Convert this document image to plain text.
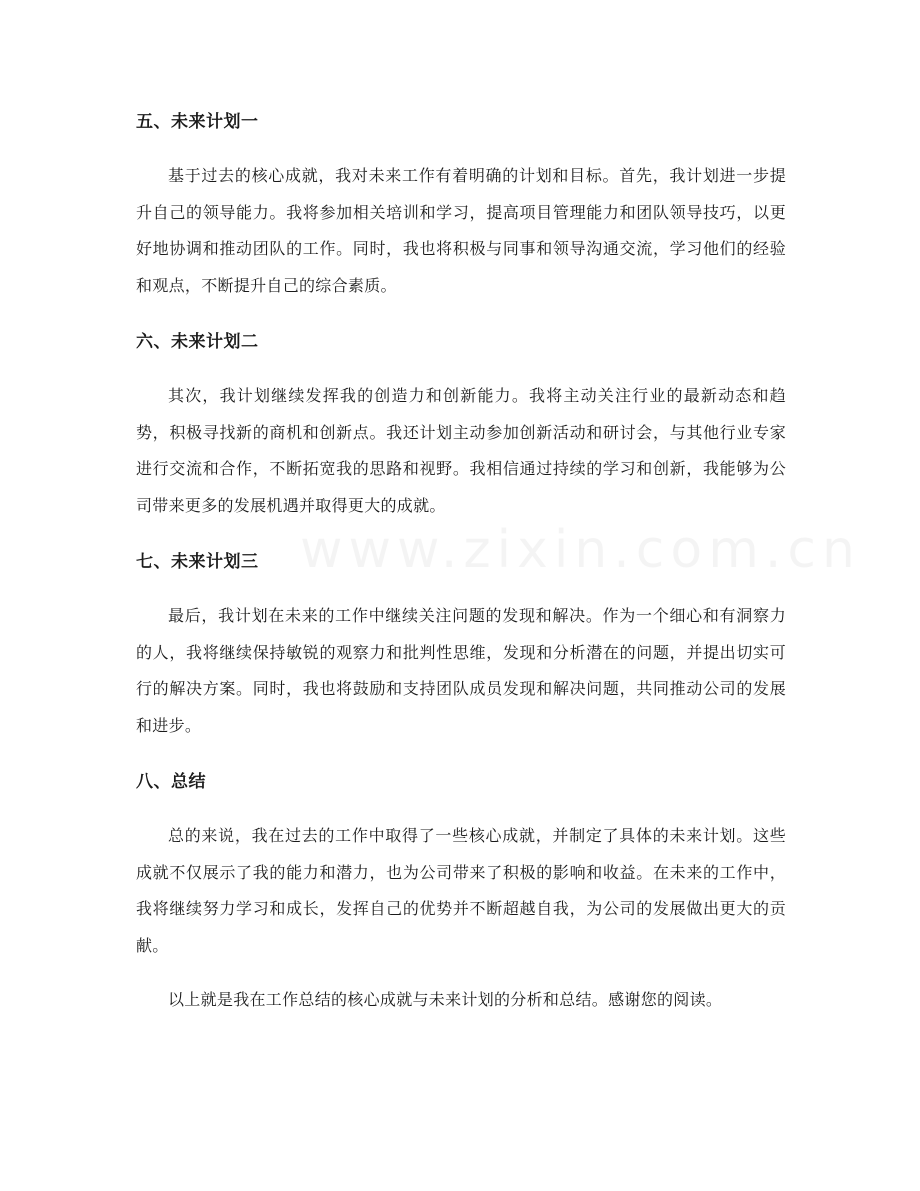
五、未来计划一

基于过去的核心成就，我对未来工作有着明确的计划和目标。首先，我计划进一步提升自己的领导能力。我将参加相关培训和学习，提高项目管理能力和团队领导技巧，以更好地协调和推动团队的工作。同时，我也将积极与同事和领导沟通交流，学习他们的经验和观点，不断提升自己的综合素质。

六、未来计划二

其次，我计划继续发挥我的创造力和创新能力。我将主动关注行业的最新动态和趋势，积极寻找新的商机和创新点。我还计划主动参加创新活动和研讨会，与其他行业专家进行交流和合作，不断拓宽我的思路和视野。我相信通过持续的学习和创新，我能够为公司带来更多的发展机遇并取得更大的成就。

七、未来计划三

最后，我计划在未来的工作中继续关注问题的发现和解决。作为一个细心和有洞察力的人，我将继续保持敏锐的观察力和批判性思维，发现和分析潜在的问题，并提出切实可行的解决方案。同时，我也将鼓励和支持团队成员发现和解决问题，共同推动公司的发展和进步。

八、总结

总的来说，我在过去的工作中取得了一些核心成就，并制定了具体的未来计划。这些成就不仅展示了我的能力和潜力，也为公司带来了积极的影响和收益。在未来的工作中，我将继续努力学习和成长，发挥自己的优势并不断超越自我，为公司的发展做出更大的贡献。

以上就是我在工作总结的核心成就与未来计划的分析和总结。感谢您的阅读。
